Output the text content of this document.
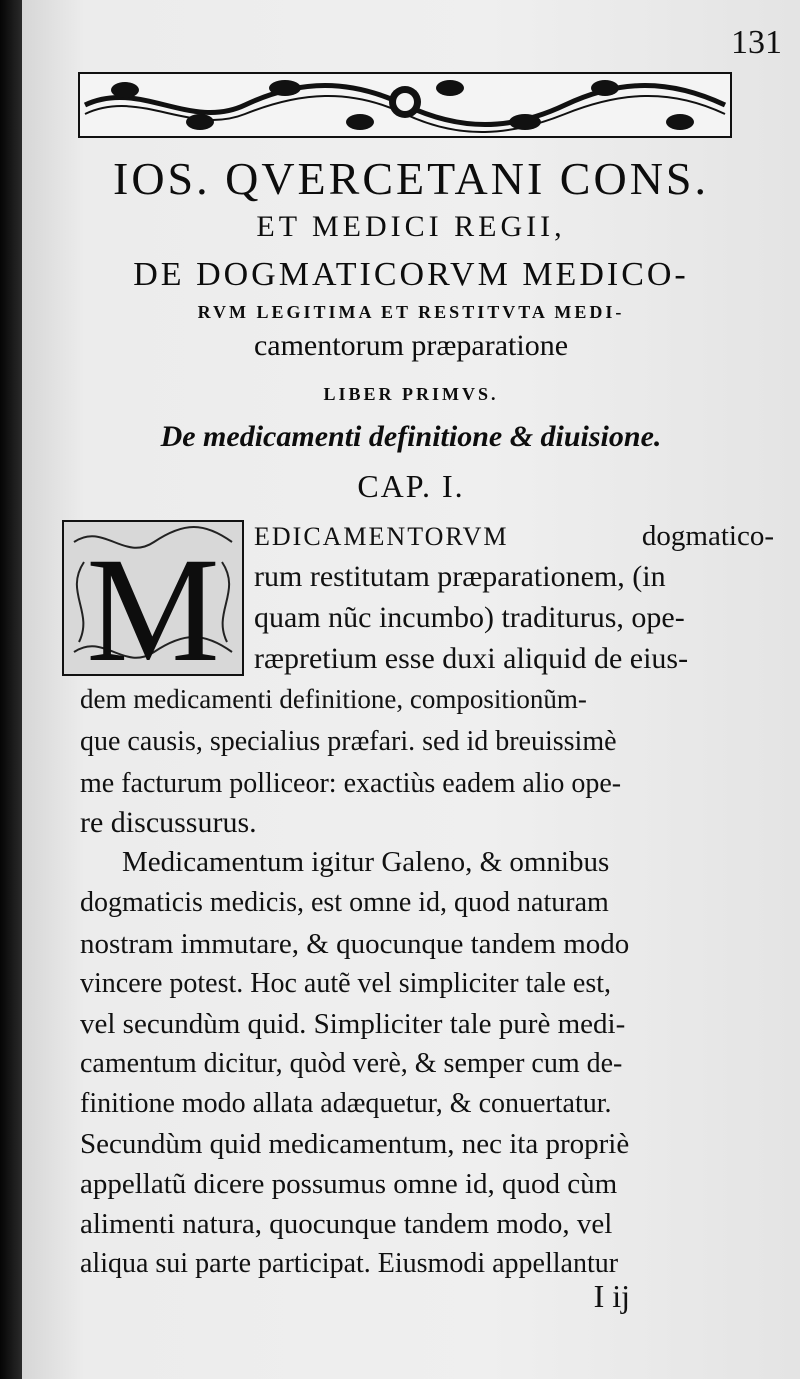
131
IOS. QVERCETANI CONS.
ET MEDICI REGII,
DE DOGMATICORVM MEDICO-
RVM LEGITIMA ET RESTITVTA MEDI-
camentorum præparatione
LIBER PRIMVS.
De medicamenti definitione & diuisione.
CAP. I.
M EDICAMENTORVM	dogmatico-
rum restitutam præparationem, (in
quam nũc incumbo) traditurus, ope-
ræpretium esse duxi aliquid de eius-
dem medicamenti definitione, compositionũm-
que causis, specialius præfari. sed id breuissimè
me facturum polliceor: exactiùs eadem alio ope-
re discussurus.
Medicamentum igitur Galeno, & omnibus
dogmaticis medicis, est omne id, quod naturam
nostram immutare, & quocunque tandem modo
vincere potest. Hoc autẽ vel simpliciter tale est,
vel secundùm quid. Simpliciter tale purè medi-
camentum dicitur, quòd verè, & semper cum de-
finitione modo allata adæquetur, & conuertatur.
Secundùm quid medicamentum, nec ita propriè
appellatũ dicere possumus omne id, quod cùm
alimenti natura, quocunque tandem modo, vel
aliqua sui parte participat. Eiusmodi appellantur
I ij
